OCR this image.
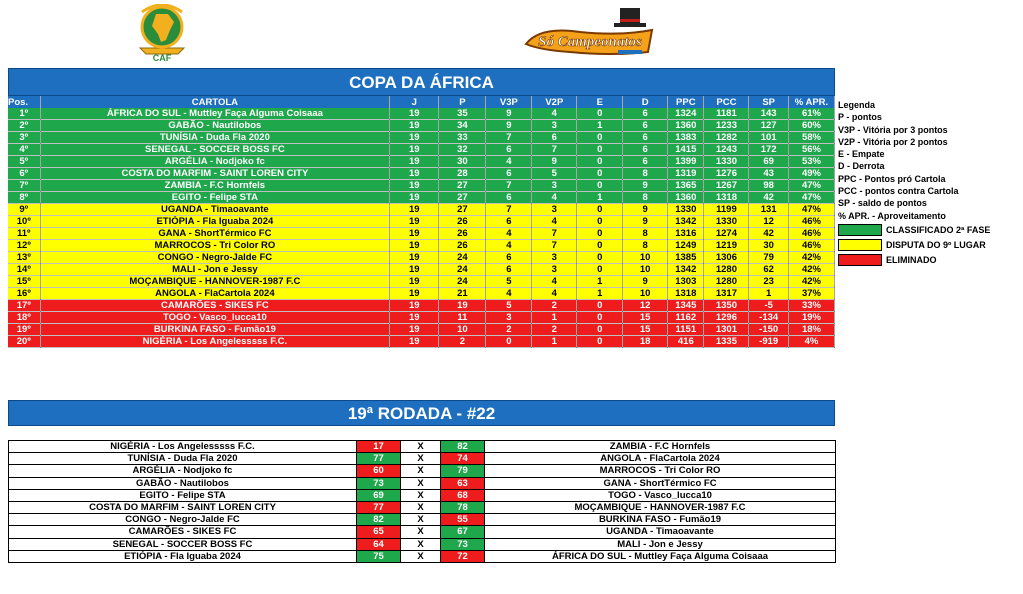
CAF
Só Campeonatos
COPA DA ÁFRICA
Pos.	CARTOLA	J	P	V3P	V2P	E	D	PPC	PCC	SP	% APR.
1º	ÁFRICA DO SUL - Muttley Faça Alguma Coisaaa	19	35	9	4	0	6	1324	1181	143	61%
2º	GABÃO - Nautilobos	19	34	9	3	1	6	1360	1233	127	60%
3º	TUNÍSIA - Duda Fla 2020	19	33	7	6	0	6	1383	1282	101	58%
4º	SENEGAL - SOCCER BOSS FC	19	32	6	7	0	6	1415	1243	172	56%
5º	ARGÉLIA - Nodjoko fc	19	30	4	9	0	6	1399	1330	69	53%
6º	COSTA DO MARFIM - SAINT LOREN CITY	19	28	6	5	0	8	1319	1276	43	49%
7º	ZAMBIA - F.C Hornfels	19	27	7	3	0	9	1365	1267	98	47%
8º	EGITO - Felipe STA	19	27	6	4	1	8	1360	1318	42	47%
9º	UGANDA - Timaoavante	19	27	7	3	0	9	1330	1199	131	47%
10º	ETIÓPIA - Fla Iguaba 2024	19	26	6	4	0	9	1342	1330	12	46%
11º	GANA - ShortTérmico FC	19	26	4	7	0	8	1316	1274	42	46%
12º	MARROCOS - Tri Color RO	19	26	4	7	0	8	1249	1219	30	46%
13º	CONGO - Negro-Jalde FC	19	24	6	3	0	10	1385	1306	79	42%
14º	MALI - Jon e Jessy	19	24	6	3	0	10	1342	1280	62	42%
15º	MOÇAMBIQUE - HANNOVER-1987 F.C	19	24	5	4	1	9	1303	1280	23	42%
16º	ANGOLA - FlaCartola 2024	19	21	4	4	1	10	1318	1317	1	37%
17º	CAMARÕES - SIKES FC	19	19	5	2	0	12	1345	1350	-5	33%
18º	TOGO - Vasco_lucca10	19	11	3	1	0	15	1162	1296	-134	19%
19º	BURKINA FASO - Fumão19	19	10	2	2	0	15	1151	1301	-150	18%
20º	NIGÉRIA - Los Angelesssss F.C.	19	2	0	1	0	18	416	1335	-919	4%
Legenda
P - pontos
V3P - Vitória por 3 pontos
V2P - Vitória por 2 pontos
E - Empate
D - Derrota
PPC - Pontos pró Cartola
PCC - pontos contra Cartola
SP - saldo de pontos
% APR. - Aproveitamento
CLASSIFICADO 2ª FASE
DISPUTA DO 9º LUGAR
ELIMINADO
19ª RODADA - #22
NIGÉRIA - Los Angelesssss F.C.	17	X	82	ZAMBIA - F.C Hornfels
TUNÍSIA - Duda Fla 2020	77	X	74	ANGOLA - FlaCartola 2024
ARGÉLIA - Nodjoko fc	60	X	79	MARROCOS - Tri Color RO
GABÃO - Nautilobos	73	X	63	GANA - ShortTérmico FC
EGITO - Felipe STA	69	X	68	TOGO - Vasco_lucca10
COSTA DO MARFIM - SAINT LOREN CITY	77	X	78	MOÇAMBIQUE - HANNOVER-1987 F.C
CONGO - Negro-Jalde FC	82	X	55	BURKINA FASO - Fumão19
CAMARÕES - SIKES FC	65	X	67	UGANDA - Timaoavante
SENEGAL - SOCCER BOSS FC	64	X	73	MALI - Jon e Jessy
ETIÓPIA - Fla Iguaba 2024	75	X	72	ÁFRICA DO SUL - Muttley Faça Alguma Coisaaa
